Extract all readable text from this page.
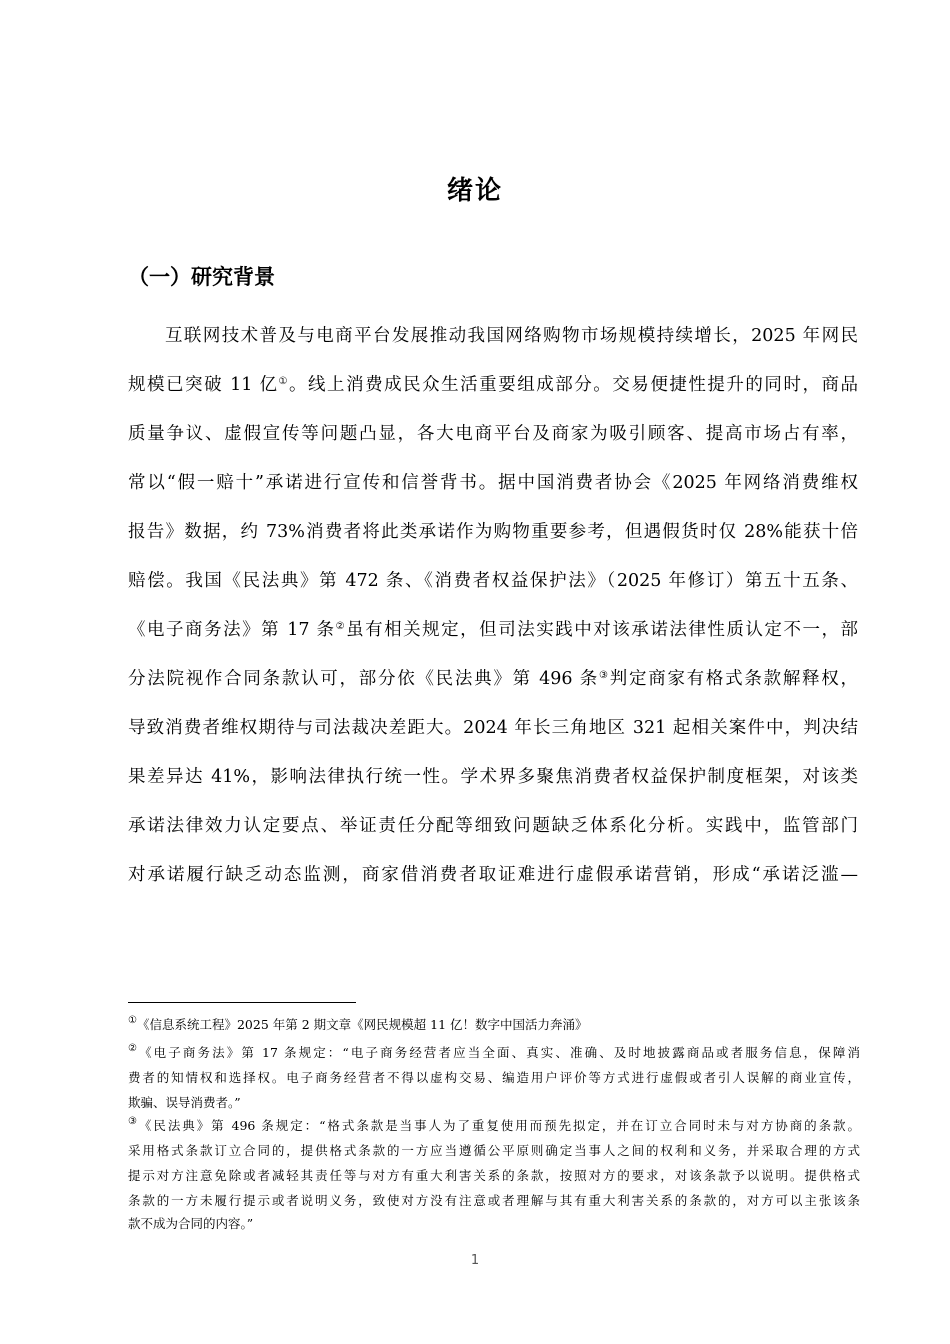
绪论
（一）研究背景
互联网技术普及与电商平台发展推动我国网络购物市场规模持续增长，2025 年网民
规模已突破 11 亿①。线上消费成民众生活重要组成部分。交易便捷性提升的同时，商品
质量争议、虚假宣传等问题凸显，各大电商平台及商家为吸引顾客、提高市场占有率，
常以“假一赔十”承诺进行宣传和信誉背书。据中国消费者协会《2025 年网络消费维权
报告》数据，约 73%消费者将此类承诺作为购物重要参考，但遇假货时仅 28%能获十倍
赔偿。我国《民法典》第 472 条、《消费者权益保护法》（2025 年修订）第五十五条、
《电子商务法》第 17 条②虽有相关规定，但司法实践中对该承诺法律性质认定不一，部
分法院视作合同条款认可，部分依《民法典》第 496 条③判定商家有格式条款解释权，
导致消费者维权期待与司法裁决差距大。2024 年长三角地区 321 起相关案件中，判决结
果差异达 41%，影响法律执行统一性。学术界多聚焦消费者权益保护制度框架，对该类
承诺法律效力认定要点、举证责任分配等细致问题缺乏体系化分析。实践中，监管部门
对承诺履行缺乏动态监测，商家借消费者取证难进行虚假承诺营销，形成“承诺泛滥—
①《信息系统工程》2025 年第 2 期文章《网民规模超 11 亿！数字中国活力奔涌》
②《电子商务法》第 17 条规定：“电子商务经营者应当全面、真实、准确、及时地披露商品或者服务信息，保障消
费者的知情权和选择权。电子商务经营者不得以虚构交易、编造用户评价等方式进行虚假或者引人误解的商业宣传，
欺骗、误导消费者。”
③《民法典》第 496 条规定：“格式条款是当事人为了重复使用而预先拟定，并在订立合同时未与对方协商的条款。
采用格式条款订立合同的，提供格式条款的一方应当遵循公平原则确定当事人之间的权利和义务，并采取合理的方式
提示对方注意免除或者减轻其责任等与对方有重大利害关系的条款，按照对方的要求，对该条款予以说明。提供格式
条款的一方未履行提示或者说明义务，致使对方没有注意或者理解与其有重大利害关系的条款的，对方可以主张该条
款不成为合同的内容。”
1
